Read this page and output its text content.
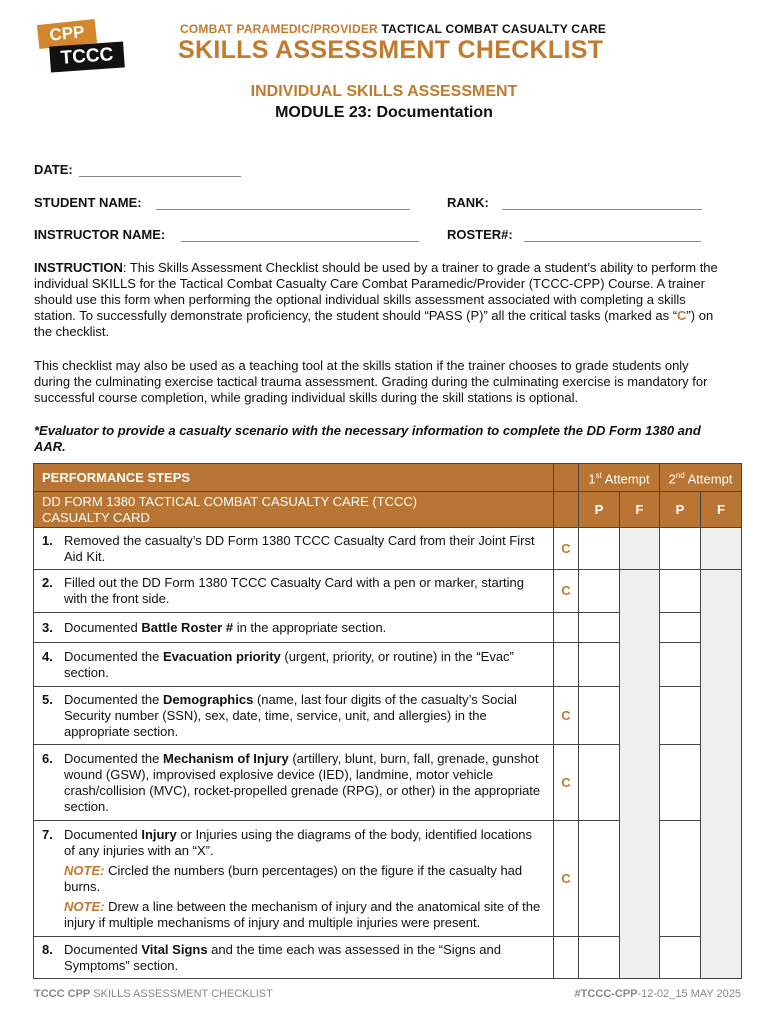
CPP
TCCC
COMBAT PARAMEDIC/PROVIDER TACTICAL COMBAT CASUALTY CARE
SKILLS ASSESSMENT CHECKLIST
INDIVIDUAL SKILLS ASSESSMENT
MODULE 23: Documentation
DATE:
STUDENT NAME:	RANK:
INSTRUCTOR NAME:	ROSTER#:
INSTRUCTION: This Skills Assessment Checklist should be used by a trainer to grade a student’s ability to perform the individual SKILLS for the Tactical Combat Casualty Care Combat Paramedic/Provider (TCCC-CPP) Course. A trainer should use this form when performing the optional individual skills assessment associated with completing a skills station. To successfully demonstrate proficiency, the student should “PASS (P)” all the critical tasks (marked as “C”) on the checklist.
This checklist may also be used as a teaching tool at the skills station if the trainer chooses to grade students only during the culminating exercise tactical trauma assessment. Grading during the culminating exercise is mandatory for successful course completion, while grading individual skills during the skill stations is optional.
*Evaluator to provide a casualty scenario with the necessary information to complete the DD Form 1380 and AAR.
PERFORMANCE STEPS		1st Attempt		2nd Attempt	

DD FORM 1380 TACTICAL COMBAT CASUALTY CARE (TCCC)
CASUALTY CARD		P	F	P	F
1. Removed the casualty’s DD Form 1380 TCCC Casualty Card from their Joint First Aid Kit.	C				
2. Filled out the DD Form 1380 TCCC Casualty Card with a pen or marker, starting with the front side.	C				
3. Documented Battle Roster # in the appropriate section.					
4. Documented the Evacuation priority (urgent, priority, or routine) in the “Evac” section.					
5. Documented the Demographics (name, last four digits of the casualty’s Social Security number (SSN), sex, date, time, service, unit, and allergies) in the appropriate section.	C				
6. Documented the Mechanism of Injury (artillery, blunt, burn, fall, grenade, gunshot wound (GSW), improvised explosive device (IED), landmine, motor vehicle crash/collision (MVC), rocket-propelled grenade (RPG), or other) in the appropriate section.	C				
7. Documented Injury or Injuries using the diagrams of the body, identified locations of any injuries with an “X”.
NOTE: Circled the numbers (burn percentages) on the figure if the casualty had burns.
NOTE: Drew a line between the mechanism of injury and the anatomical site of the injury if multiple mechanisms of injury and multiple injuries were present.	C				
8. Documented Vital Signs and the time each was assessed in the “Signs and Symptoms” section.					
TCCC CPP SKILLS ASSESSMENT CHECKLIST	#TCCC-CPP-12-02_15 MAY 2025
